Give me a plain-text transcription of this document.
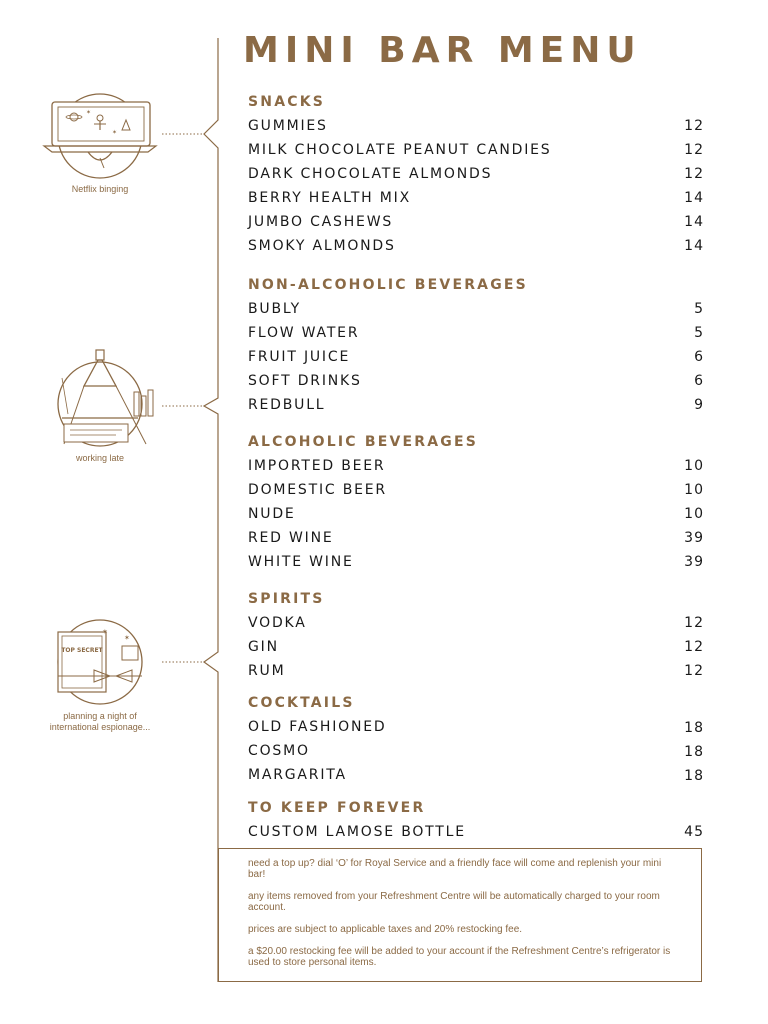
MINI BAR MENU
✶
✶
Netflix binging
working late
TOP SECRET
✶
✶
planning a night of international espionage...
SNACKS
GUMMIES	12
MILK CHOCOLATE PEANUT CANDIES	12
DARK CHOCOLATE ALMONDS	12
BERRY HEALTH MIX	14
JUMBO CASHEWS	14
SMOKY ALMONDS	14
NON-ALCOHOLIC BEVERAGES
BUBLY	5
FLOW WATER	5
FRUIT JUICE	6
SOFT DRINKS	6
REDBULL	9
ALCOHOLIC BEVERAGES
IMPORTED BEER	10
DOMESTIC BEER	10
NUDE	10
RED WINE	39
WHITE WINE	39
SPIRITS
VODKA	12
GIN	12
RUM	12
COCKTAILS
OLD FASHIONED	18
COSMO	18
MARGARITA	18
TO KEEP FOREVER
CUSTOM LAMOSE BOTTLE	45
need a top up? dial ‘O’ for Royal Service and a friendly face will come and replenish your mini bar!
any items removed from your Refreshment Centre will be automatically charged to your room account.
prices are subject to applicable taxes and 20% restocking fee.
a $20.00 restocking fee will be added to your account if the Refreshment Centre’s refrigerator is used to store personal items.
